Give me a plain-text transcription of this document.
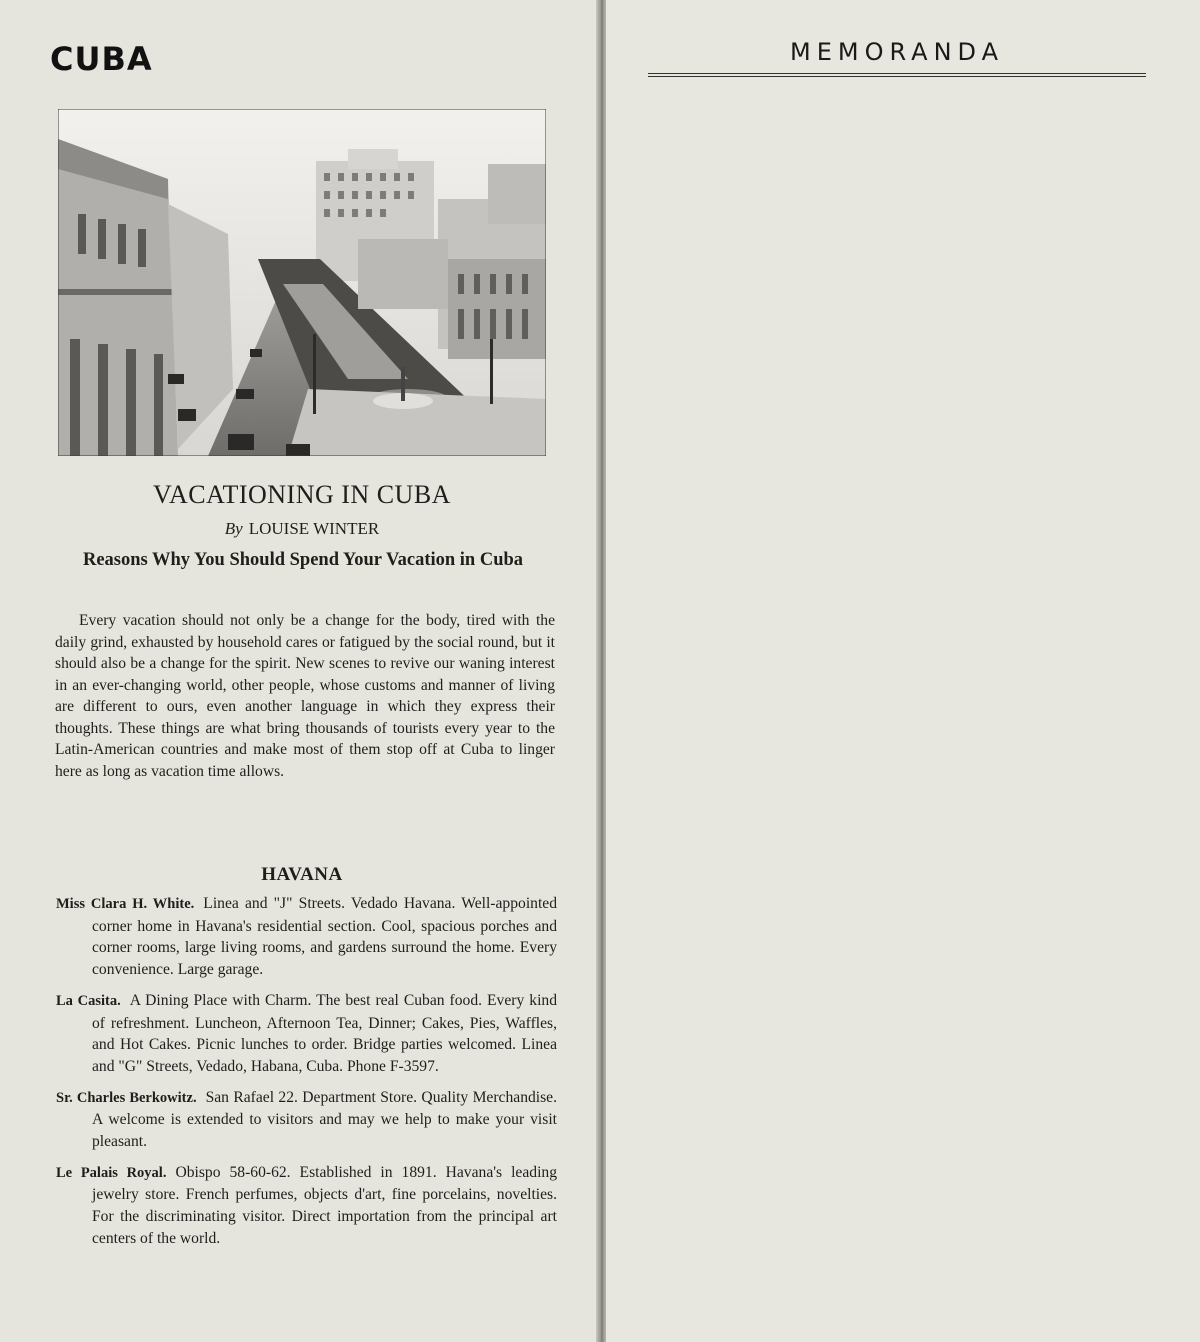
CUBA
VACATIONING IN CUBA
By LOUISE WINTER
Reasons Why You Should Spend Your Vacation in Cuba

Every vacation should not only be a change for the body, tired with the daily grind, exhausted by household cares or fatigued by the social round, but it should also be a change for the spirit. New scenes to revive our waning interest in an ever-changing world, other people, whose customs and manner of living are different to ours, even another language in which they express their thoughts. These things are what bring thousands of tourists every year to the Latin-American countries and make most of them stop off at Cuba to linger here as long as vacation time allows.

HAVANA

Miss Clara H. White. Linea and "J" Streets. Vedado Havana. Well-appointed corner home in Havana's residential section. Cool, spacious porches and corner rooms, large living rooms, and gardens surround the home. Every convenience. Large garage.

La Casita. A Dining Place with Charm. The best real Cuban food. Every kind of refreshment. Luncheon, Afternoon Tea, Dinner; Cakes, Pies, Waffles, and Hot Cakes. Picnic lunches to order. Bridge parties welcomed. Linea and "G" Streets, Vedado, Habana, Cuba. Phone F-3597.

Sr. Charles Berkowitz. San Rafael 22. Department Store. Quality Merchandise. A welcome is extended to visitors and may we help to make your visit pleasant.

Le Palais Royal. Obispo 58-60-62. Established in 1891. Havana's leading jewelry store. French perfumes, objects d'art, fine porcelains, novelties. For the discriminating visitor. Direct importation from the principal art centers of the world.

MEMORANDA
